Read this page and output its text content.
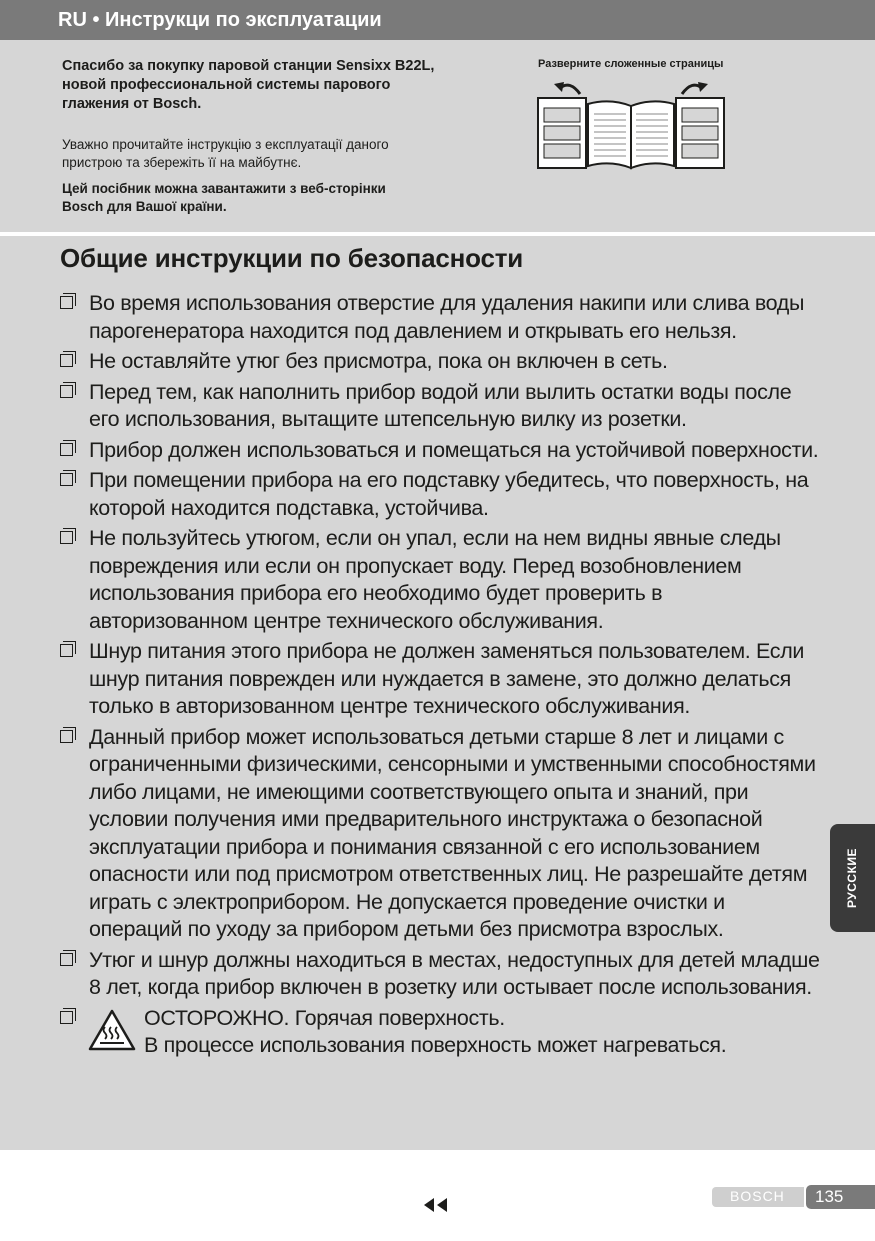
RU • Инструкци по эксплуатации
Спасибо за покупку паровой станции Sensixx B22L, новой профессиональной системы парового глажения от Bosch.
Уважно прочитайте інструкцію з експлуатації даного пристрою та збережіть її на майбутнє.
Цей посібник можна завантажити з веб-сторінки Bosch для Вашої країни.
Разверните сложенные страницы
Общие инструкции по безопасности
Во время использования отверстие для удаления накипи или слива воды парогенератора находится под давлением и открывать его нельзя.
Не оставляйте утюг без присмотра, пока он включен в сеть.
Перед тем, как наполнить прибор водой или вылить остатки воды после его использования, вытащите штепсельную вилку из розетки.
Прибор должен использоваться и помещаться на устойчивой поверхности.
При помещении прибора на его подставку убедитесь, что поверхность, на которой находится подставка, устойчива.
Не пользуйтесь утюгом, если он упал, если на нем видны явные следы повреждения или если он пропускает воду. Перед возобновлением использования прибора его необходимо будет проверить в авторизованном центре технического обслуживания.
Шнур питания этого прибора не должен заменяться пользователем. Если шнур питания поврежден или нуждается в замене, это должно делаться только в авторизованном центре технического обслуживания.
Данный прибор может использоваться детьми старше 8 лет и лицами с ограниченными физическими, сенсорными и умственными способностями либо лицами, не имеющими соответствующего опыта и знаний, при условии получения ими предварительного инструктажа о безопасной эксплуатации прибора и понимания связанной с его использованием опасности или под присмотром ответственных лиц. Не разрешайте детям играть с электроприбором. Не допускается проведение очистки и операций по уходу за прибором детьми без присмотра взрослых.
Утюг и шнур должны находиться в местах, недоступных для детей младше 8 лет, когда прибор включен в розетку или остывает после использования.
ОСТОРОЖНО. Горячая поверхность.
В процессе использования поверхность может нагреваться.
РУССКИЕ
BOSCH 135
